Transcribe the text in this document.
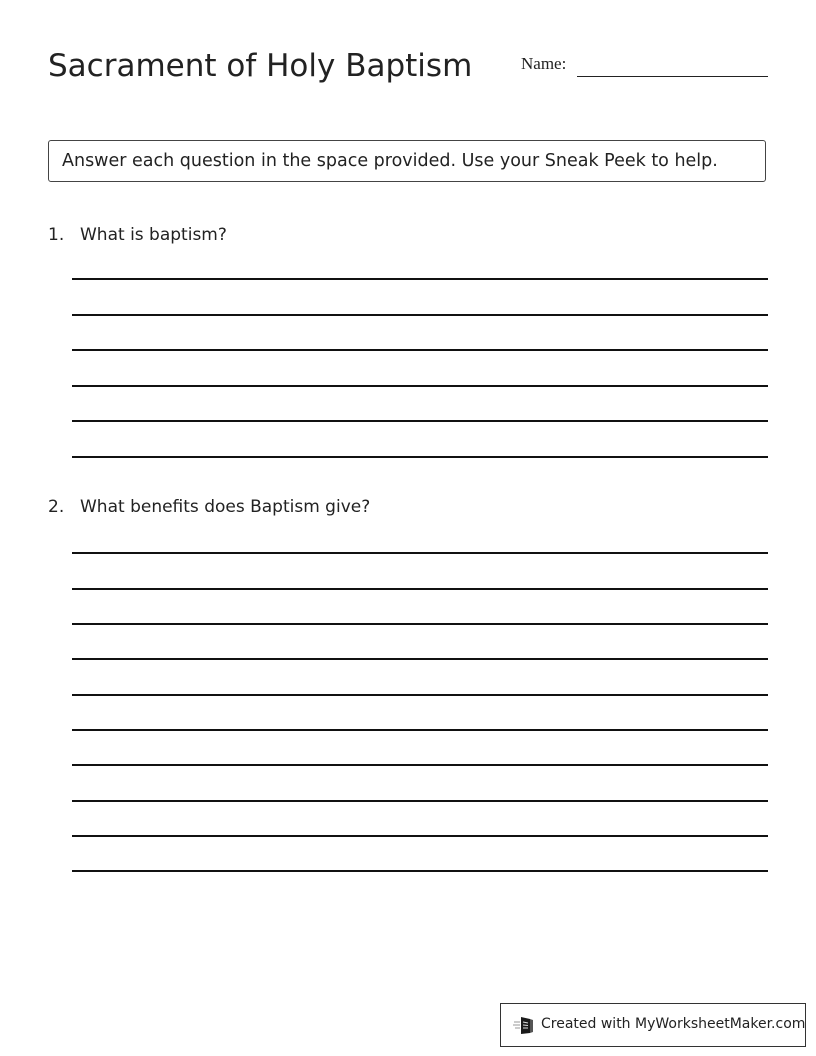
Sacrament of Holy Baptism	Name:
Answer each question in the space provided. Use your Sneak Peek to help.
1. What is baptism?
2. What benefits does Baptism give?
Created with MyWorksheetMaker.com
